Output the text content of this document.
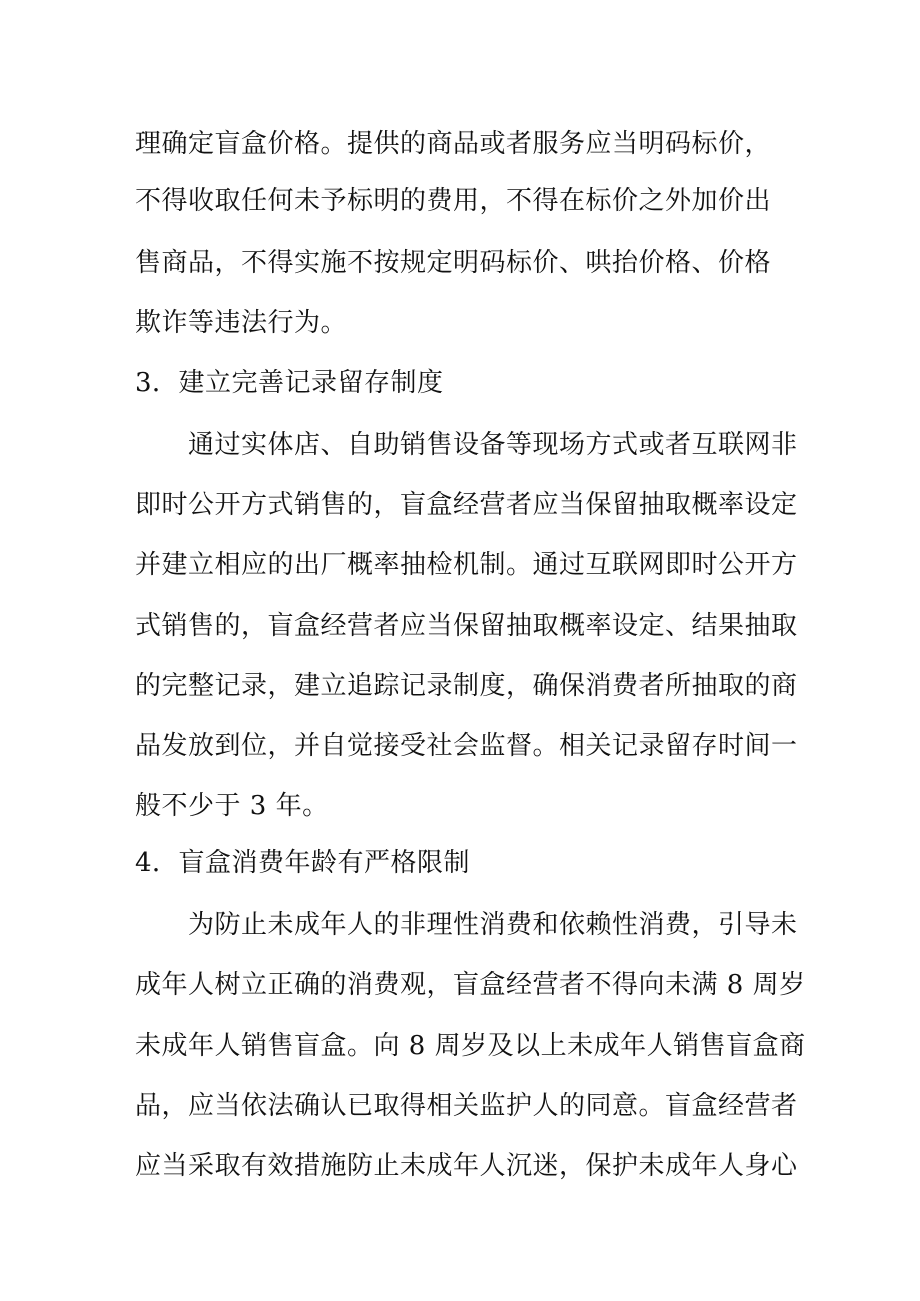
理确定盲盒价格。提供的商品或者服务应当明码标价，
不得收取任何未予标明的费用，不得在标价之外加价出
售商品，不得实施不按规定明码标价、哄抬价格、价格
欺诈等违法行为。
3．建立完善记录留存制度
　　通过实体店、自助销售设备等现场方式或者互联网非
即时公开方式销售的，盲盒经营者应当保留抽取概率设定
并建立相应的出厂概率抽检机制。通过互联网即时公开方
式销售的，盲盒经营者应当保留抽取概率设定、结果抽取
的完整记录，建立追踪记录制度，确保消费者所抽取的商
品发放到位，并自觉接受社会监督。相关记录留存时间一
般不少于 3 年。
4．盲盒消费年龄有严格限制
　　为防止未成年人的非理性消费和依赖性消费，引导未
成年人树立正确的消费观，盲盒经营者不得向未满 8 周岁
未成年人销售盲盒。向 8 周岁及以上未成年人销售盲盒商
品，应当依法确认已取得相关监护人的同意。盲盒经营者
应当采取有效措施防止未成年人沉迷，保护未成年人身心
